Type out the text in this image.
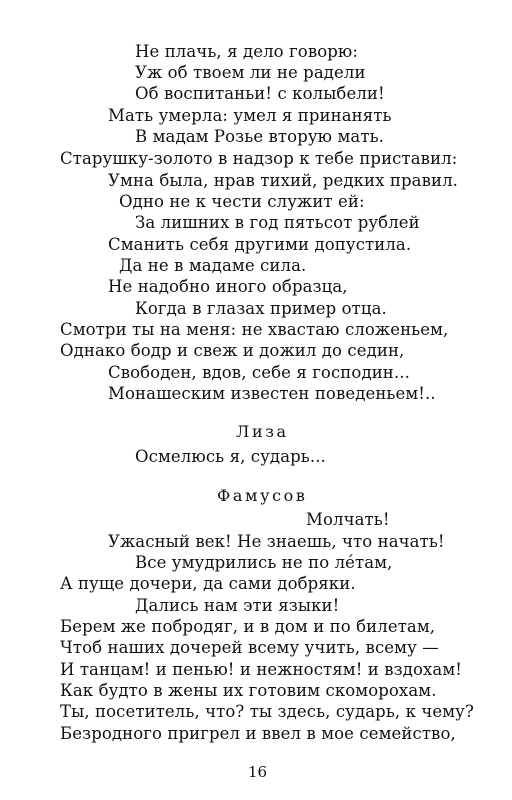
Не плачь, я дело говорю:
Уж об твоем ли не радели
Об воспитаньи! с колыбели!
Мать умерла: умел я принанять
В мадам Розье вторую мать.
Старушку-золото в надзор к тебе приставил:
Умна была, нрав тихий, редких правил.
Одно не к чести служит ей:
За лишних в год пятьсот рублей
Сманить себя другими допустила.
Да не в мадаме сила.
Не надобно иного образца,
Когда в глазах пример отца.
Смотри ты на меня: не хвастаю сложеньем,
Однако бодр и свеж и дожил до седин,
Свободен, вдов, себе я господин...
Монашеским известен поведеньем!..
Лиза
Осмелюсь я, сударь...
Фамусов
Молчать!
Ужасный век! Не знаешь, что начать!
Все умудрились не по лéтам,
А пуще дочери, да сами добряки.
Дались нам эти языки!
Берем же побродяг, и в дом и по билетам,
Чтоб наших дочерей всему учить, всему —
И танцам! и пенью! и нежностям! и вздохам!
Как будто в жены их готовим скоморохам.
Ты, посетитель, что? ты здесь, сударь, к чему?
Безродного пригрел и ввел в мое семейство,
16
